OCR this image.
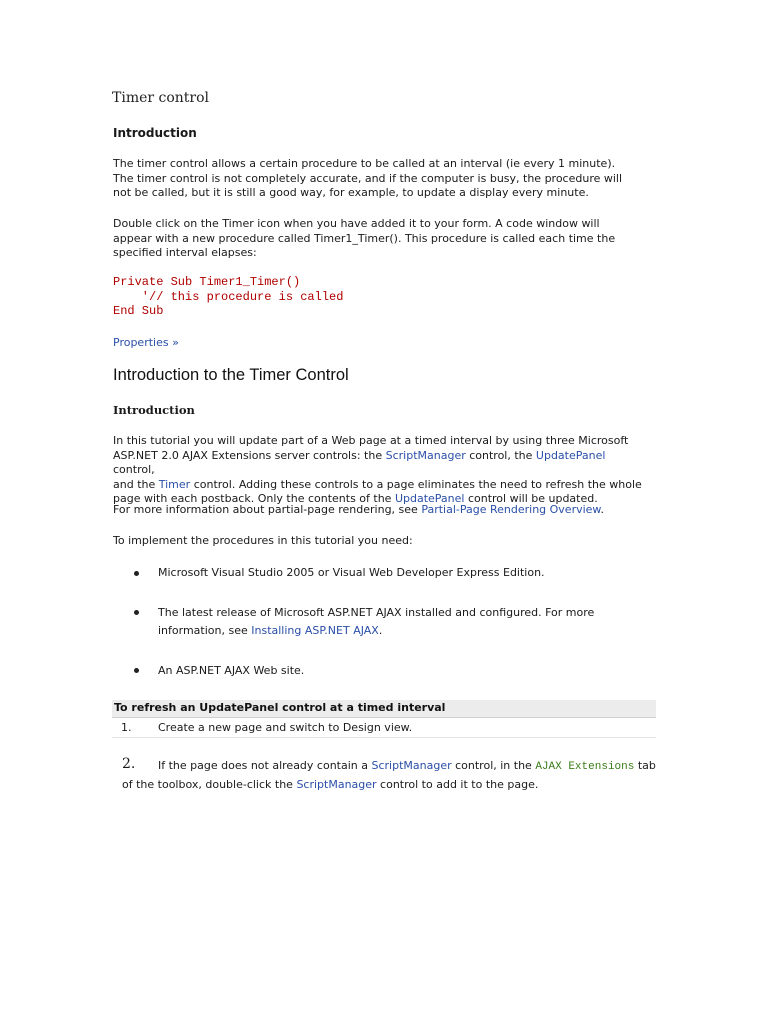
Timer control
Introduction
The timer control allows a certain procedure to be called at an interval (ie every 1 minute).
The timer control is not completely accurate, and if the computer is busy, the procedure will
not be called, but it is still a good way, for example, to update a display every minute.
Double click on the Timer icon when you have added it to your form. A code window will
appear with a new procedure called Timer1_Timer(). This procedure is called each time the
specified interval elapses:
Private Sub Timer1_Timer()
'// this procedure is called
End Sub
Properties »
Introduction to the Timer Control
Introduction
In this tutorial you will update part of a Web page at a timed interval by using three Microsoft
ASP.NET 2.0 AJAX Extensions server controls: the ScriptManager control, the UpdatePanel control,
and the Timer control. Adding these controls to a page eliminates the need to refresh the whole
page with each postback. Only the contents of the UpdatePanel control will be updated.
For more information about partial-page rendering, see Partial-Page Rendering Overview.
To implement the procedures in this tutorial you need:
Microsoft Visual Studio 2005 or Visual Web Developer Express Edition.
The latest release of Microsoft ASP.NET AJAX installed and configured. For more
information, see Installing ASP.NET AJAX.
An ASP.NET AJAX Web site.
To refresh an UpdatePanel control at a timed interval
1. Create a new page and switch to Design view.
2. If the page does not already contain a ScriptManager control, in the AJAX Extensions tab
of the toolbox, double-click the ScriptManager control to add it to the page.
